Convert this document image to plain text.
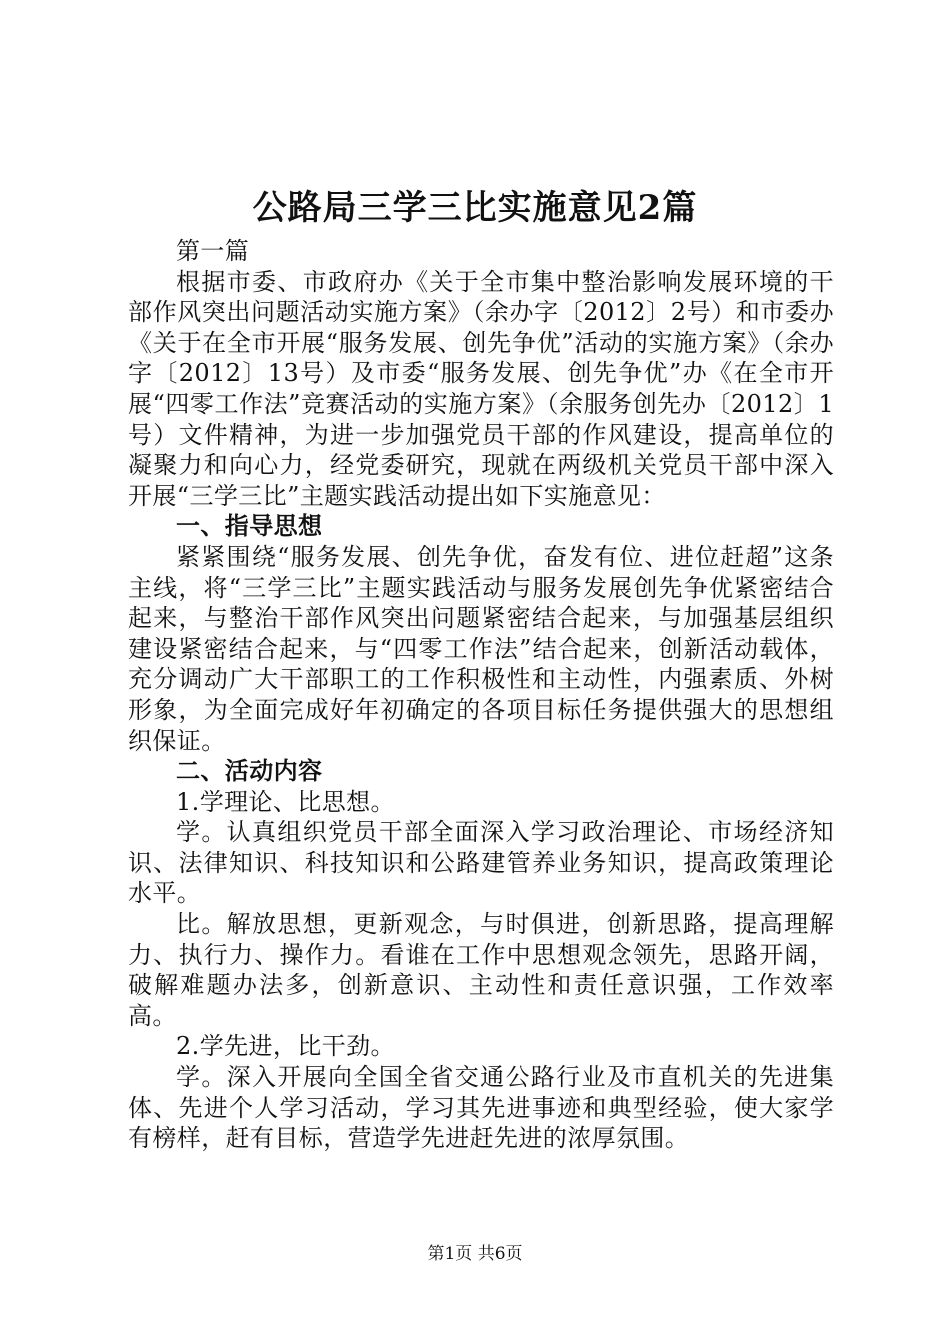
公路局三学三比实施意见2篇

第一篇

根据市委、市政府办《关于全市集中整治影响发展环境的干部作风突出问题活动实施方案》（余办字〔2012〕2号）和市委办《关于在全市开展“服务发展、创先争优”活动的实施方案》（余办字〔2012〕13号）及市委“服务发展、创先争优”办《在全市开展“四零工作法”竞赛活动的实施方案》（余服务创先办〔2012〕1号）文件精神，为进一步加强党员干部的作风建设，提高单位的凝聚力和向心力，经党委研究，现就在两级机关党员干部中深入开展“三学三比”主题实践活动提出如下实施意见：

一、指导思想

紧紧围绕“服务发展、创先争优，奋发有位、进位赶超”这条主线，将“三学三比”主题实践活动与服务发展创先争优紧密结合起来，与整治干部作风突出问题紧密结合起来，与加强基层组织建设紧密结合起来，与“四零工作法”结合起来，创新活动载体，充分调动广大干部职工的工作积极性和主动性，内强素质、外树形象，为全面完成好年初确定的各项目标任务提供强大的思想组织保证。

二、活动内容

1.学理论、比思想。

学。认真组织党员干部全面深入学习政治理论、市场经济知识、法律知识、科技知识和公路建管养业务知识，提高政策理论水平。

比。解放思想，更新观念，与时俱进，创新思路，提高理解力、执行力、操作力。看谁在工作中思想观念领先，思路开阔，破解难题办法多，创新意识、主动性和责任意识强，工作效率高。

2.学先进，比干劲。

学。深入开展向全国全省交通公路行业及市直机关的先进集体、先进个人学习活动，学习其先进事迹和典型经验，使大家学有榜样，赶有目标，营造学先进赶先进的浓厚氛围。

第1页 共6页
